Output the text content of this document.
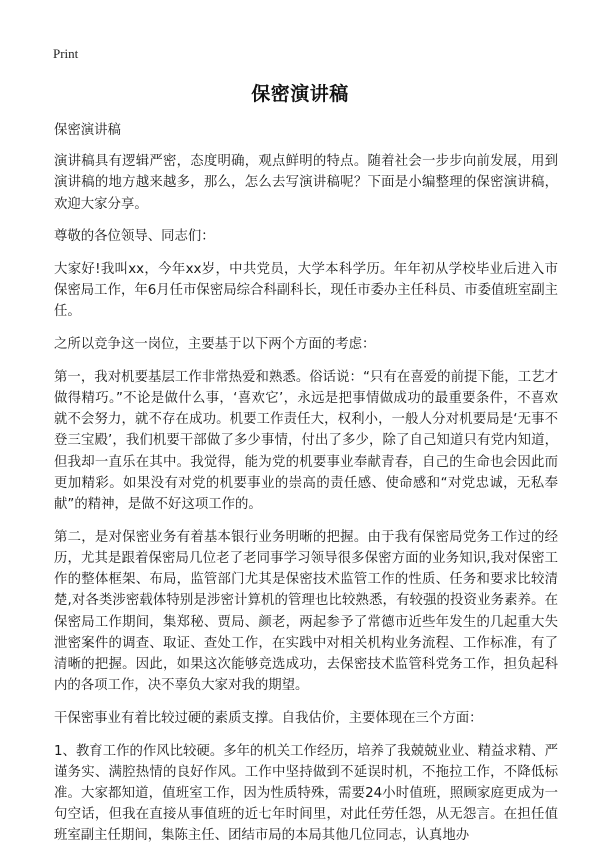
Print
保密演讲稿

保密演讲稿

演讲稿具有逻辑严密，态度明确，观点鲜明的特点。随着社会一步步向前发展，用到演讲稿的地方越来越多，那么，怎么去写演讲稿呢？下面是小编整理的保密演讲稿，欢迎大家分享。

尊敬的各位领导、同志们：

大家好!我叫xx，今年xx岁，中共党员，大学本科学历。年年初从学校毕业后进入市保密局工作，年6月任市保密局综合科副科长，现任市委办主任科员、市委值班室副主任。

之所以竞争这一岗位，主要基于以下两个方面的考虑：

第一，我对机要基层工作非常热爱和熟悉。俗话说：“只有在喜爱的前提下能，工艺才做得精巧。”不论是做什么事，‘喜欢它’，永远是把事情做成功的最重要条件，不喜欢就不会努力，就不存在成功。机要工作责任大，权利小，一般人分对机要局是‘无事不登三宝殿’，我们机要干部做了多少事情，付出了多少，除了自己知道只有党内知道，但我却一直乐在其中。我觉得，能为党的机要事业奉献青春，自己的生命也会因此而更加精彩。如果没有对党的机要事业的崇高的责任感、使命感和“对党忠诚，无私奉献”的精神，是做不好这项工作的。

第二，是对保密业务有着基本银行业务明晰的把握。由于我有保密局党务工作过的经历，尤其是跟着保密局几位老了老同事学习领导很多保密方面的业务知识,我对保密工作的整体框架、布局，监管部门尤其是保密技术监管工作的性质、任务和要求比较清楚,对各类涉密载体特别是涉密计算机的管理也比较熟悉，有较强的投资业务素养。在保密局工作期间，集郑秘、贾局、颜老，两起参予了常德市近些年发生的几起重大失泄密案件的调查、取证、查处工作，在实践中对相关机构业务流程、工作标准，有了清晰的把握。因此，如果这次能够竞选成功，去保密技术监管科党务工作，担负起科内的各项工作，决不辜负大家对我的期望。

干保密事业有着比较过硬的素质支撑。自我估价，主要体现在三个方面：

1、教育工作的作风比较硬。多年的机关工作经历，培养了我兢兢业业、精益求精、严谨务实、满腔热情的良好作风。工作中坚持做到不延误时机，不拖拉工作，不降低标准。大家都知道，值班室工作，因为性质特殊，需要24小时值班，照顾家庭更成为一句空话，但我在直接从事值班的近七年时间里，对此任劳任怨，从无怨言。在担任值班室副主任期间，集陈主任、团结市局的本局其他几位同志，认真地办
